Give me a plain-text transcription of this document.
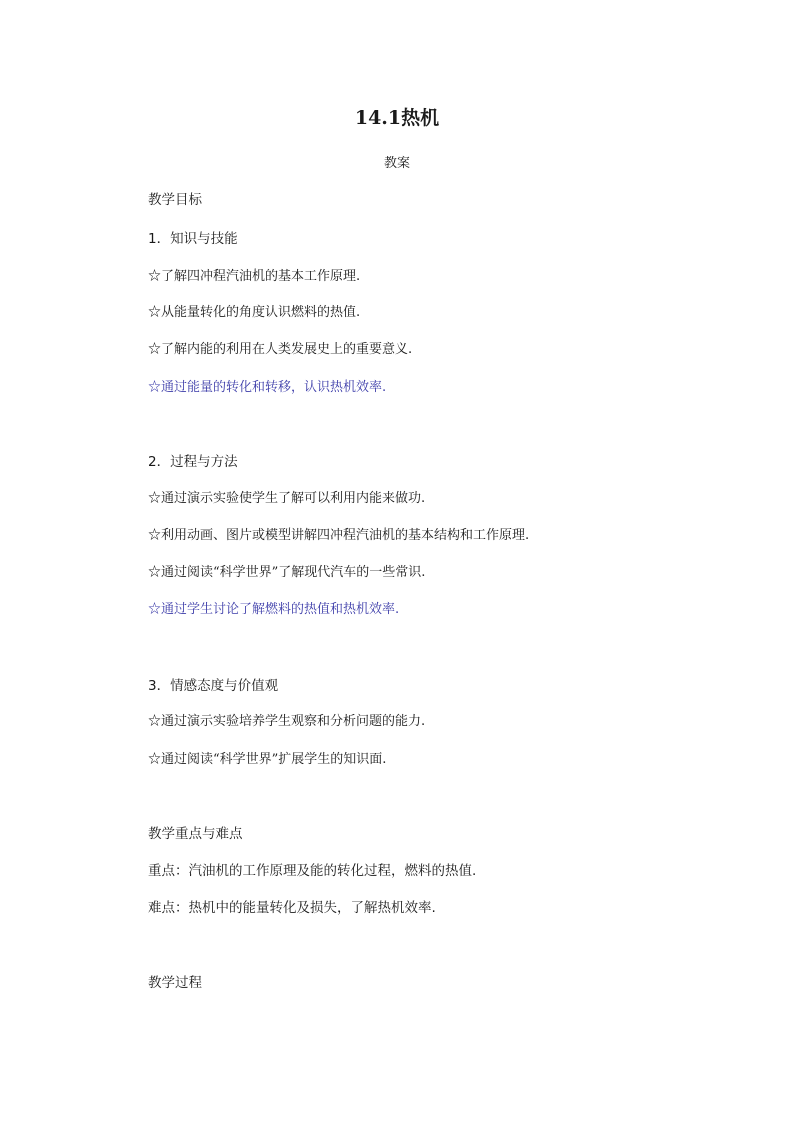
14.1热机
教案
教学目标
1．知识与技能
☆了解四冲程汽油机的基本工作原理.
☆从能量转化的角度认识燃料的热值.
☆了解内能的利用在人类发展史上的重要意义.
☆通过能量的转化和转移，认识热机效率.
2．过程与方法
☆通过演示实验使学生了解可以利用内能来做功.
☆利用动画、图片或模型讲解四冲程汽油机的基本结构和工作原理.
☆通过阅读“科学世界”了解现代汽车的一些常识.
☆通过学生讨论了解燃料的热值和热机效率.
3．情感态度与价值观
☆通过演示实验培养学生观察和分析问题的能力.
☆通过阅读“科学世界”扩展学生的知识面.
教学重点与难点
重点：汽油机的工作原理及能的转化过程，燃料的热值.
难点：热机中的能量转化及损失，了解热机效率.
教学过程
